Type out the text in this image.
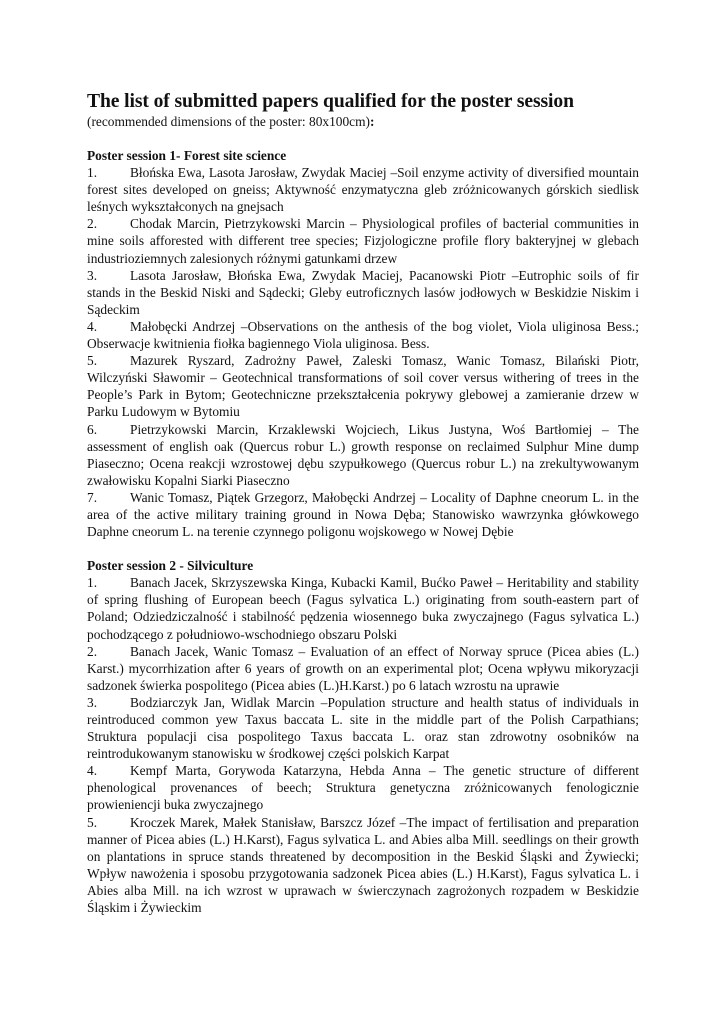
The list of submitted papers qualified for the poster session

(recommended dimensions of the poster: 80x100cm):

Poster session 1- Forest site science

1. Błońska Ewa, Lasota Jarosław, Zwydak Maciej –Soil enzyme activity of diversified mountain forest sites developed on gneiss; Aktywność enzymatyczna gleb zróżnicowanych górskich siedlisk leśnych wykształconych na gnejsach

2. Chodak Marcin, Pietrzykowski Marcin – Physiological profiles of bacterial communities in mine soils afforested with different tree species; Fizjologiczne profile flory bakteryjnej w glebach industrioziemnych zalesionych różnymi gatunkami drzew

3. Lasota Jarosław, Błońska Ewa, Zwydak Maciej, Pacanowski Piotr –Eutrophic soils of fir stands in the Beskid Niski and Sądecki; Gleby eutroficznych lasów jodłowych w Beskidzie Niskim i Sądeckim

4. Małobęcki Andrzej –Observations on the anthesis of the bog violet, Viola uliginosa Bess.; Obserwacje kwitnienia fiołka bagiennego Viola uliginosa. Bess.

5. Mazurek Ryszard, Zadrożny Paweł, Zaleski Tomasz, Wanic Tomasz, Bilański Piotr, Wilczyński Sławomir – Geotechnical transformations of soil cover versus withering of trees in the People’s Park in Bytom; Geotechniczne przekształcenia pokrywy glebowej a zamieranie drzew w Parku Ludowym w Bytomiu

6. Pietrzykowski Marcin, Krzaklewski Wojciech, Likus Justyna, Woś Bartłomiej – The assessment of english oak (Quercus robur L.) growth response on reclaimed Sulphur Mine dump Piaseczno; Ocena reakcji wzrostowej dębu szypułkowego (Quercus robur L.) na zrekultywowanym zwałowisku Kopalni Siarki Piaseczno

7. Wanic Tomasz, Piątek Grzegorz, Małobęcki Andrzej – Locality of Daphne cneorum L. in the area of the active military training ground in Nowa Dęba; Stanowisko wawrzynka główkowego Daphne cneorum L. na terenie czynnego poligonu wojskowego w Nowej Dębie

Poster session 2 - Silviculture

1. Banach Jacek, Skrzyszewska Kinga, Kubacki Kamil, Bućko Paweł – Heritability and stability of spring flushing of European beech (Fagus sylvatica L.) originating from south-eastern part of Poland; Odziedziczalność i stabilność pędzenia wiosennego buka zwyczajnego (Fagus sylvatica L.) pochodzącego z południowo-wschodniego obszaru Polski

2. Banach Jacek, Wanic Tomasz – Evaluation of an effect of Norway spruce (Picea abies (L.) Karst.) mycorrhization after 6 years of growth on an experimental plot; Ocena wpływu mikoryzacji sadzonek świerka pospolitego (Picea abies (L.)H.Karst.) po 6 latach wzrostu na uprawie

3. Bodziarczyk Jan, Widlak Marcin –Population structure and health status of individuals in reintroduced common yew Taxus baccata L. site in the middle part of the Polish Carpathians; Struktura populacji cisa pospolitego Taxus baccata L. oraz stan zdrowotny osobników na reintrodukowanym stanowisku w środkowej części polskich Karpat

4. Kempf Marta, Gorywoda Katarzyna, Hebda Anna – The genetic structure of different phenological provenances of beech; Struktura genetyczna zróżnicowanych fenologicznie prowieniencji buka zwyczajnego

5. Kroczek Marek, Małek Stanisław, Barszcz Józef –The impact of fertilisation and preparation manner of Picea abies (L.) H.Karst), Fagus sylvatica L. and Abies alba Mill. seedlings on their growth on plantations in spruce stands threatened by decomposition in the Beskid Śląski and Żywiecki; Wpływ nawożenia i sposobu przygotowania sadzonek Picea abies (L.) H.Karst), Fagus sylvatica L. i Abies alba Mill. na ich wzrost w uprawach w świerczynach zagrożonych rozpadem w Beskidzie Śląskim i Żywieckim
